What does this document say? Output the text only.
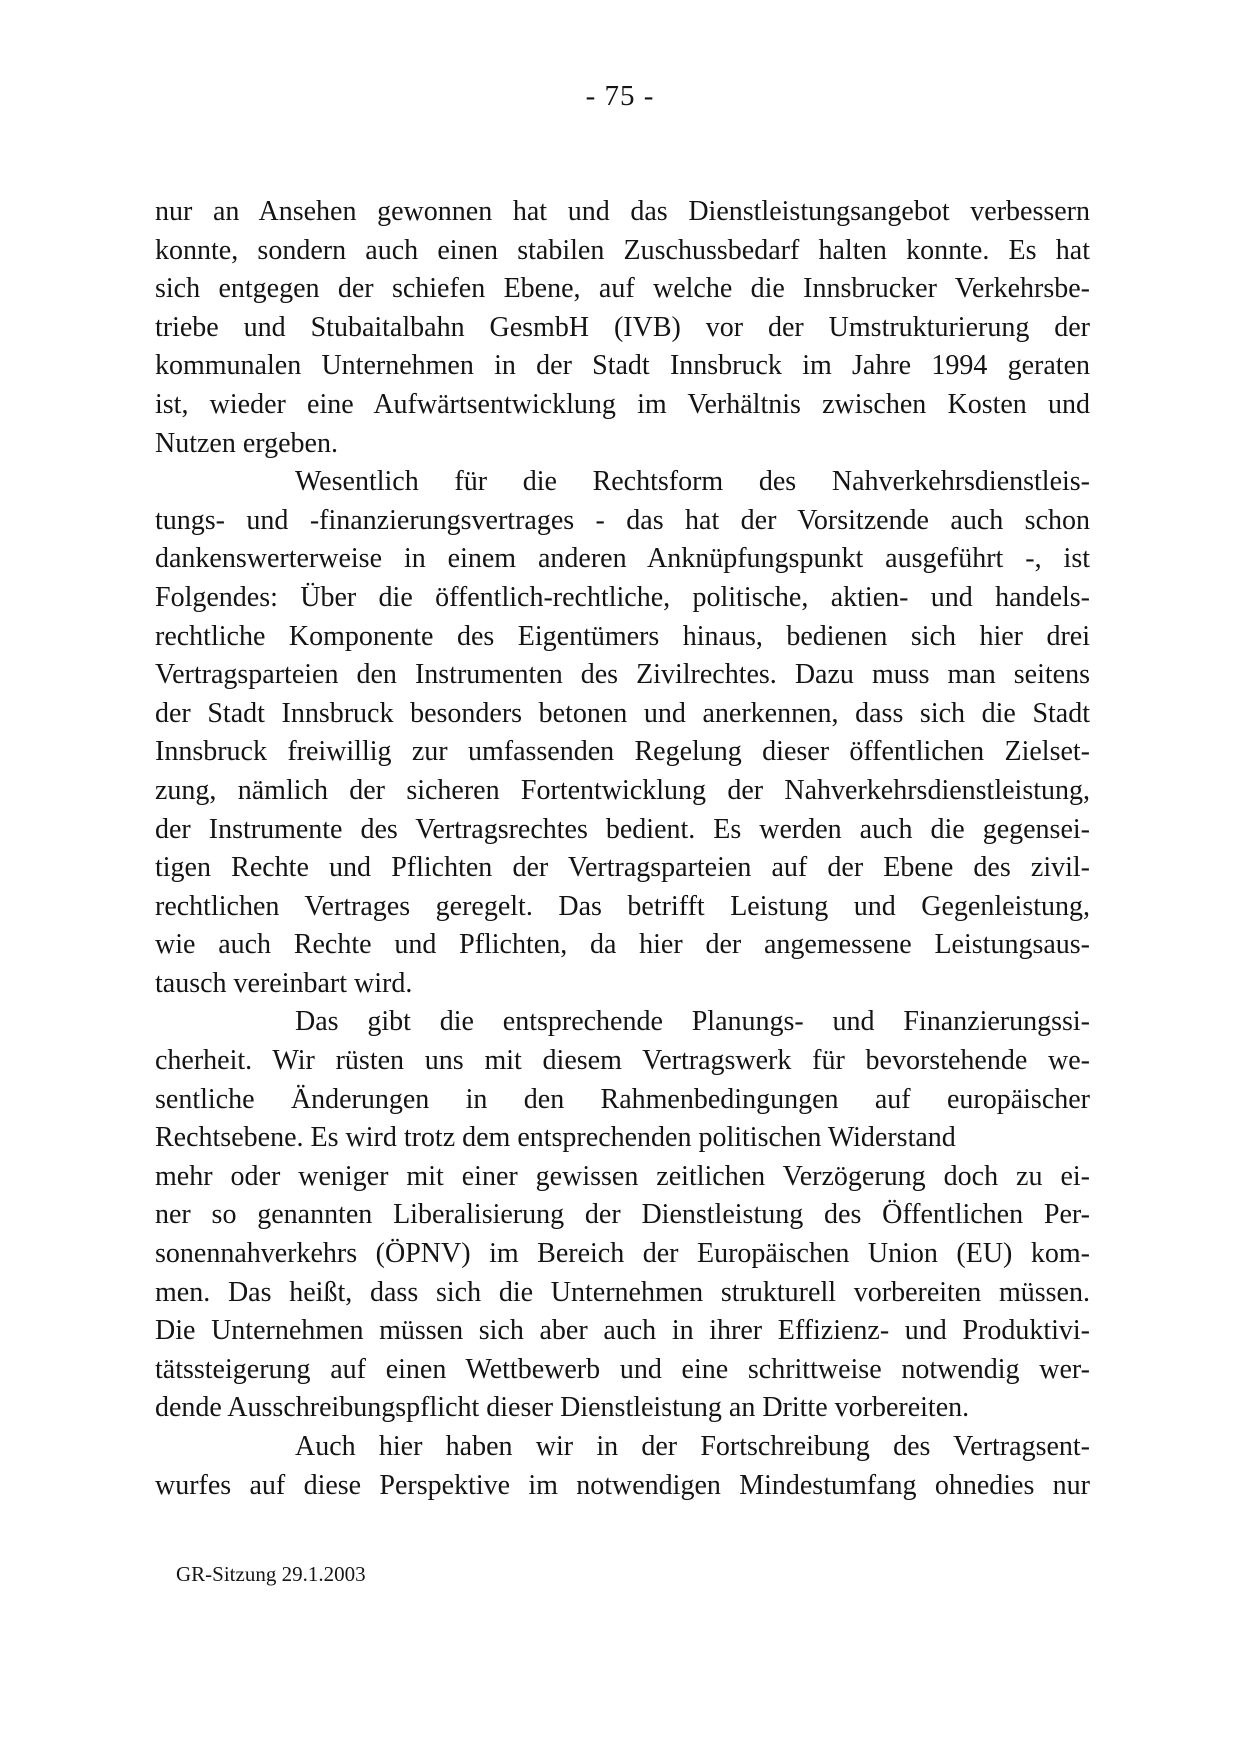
- 75 -
nur an Ansehen gewonnen hat und das Dienstleistungsangebot verbessern
konnte, sondern auch einen stabilen Zuschussbedarf halten konnte. Es hat
sich entgegen der schiefen Ebene, auf welche die Innsbrucker Verkehrsbe-
triebe und Stubaitalbahn GesmbH (IVB) vor der Umstrukturierung der
kommunalen Unternehmen in der Stadt Innsbruck im Jahre 1994 geraten
ist, wieder eine Aufwärtsentwicklung im Verhältnis zwischen Kosten und
Nutzen ergeben.
Wesentlich für die Rechtsform des Nahverkehrsdienstleis-
tungs- und -finanzierungsvertrages - das hat der Vorsitzende auch schon
dankenswerterweise in einem anderen Anknüpfungspunkt ausgeführt -, ist
Folgendes: Über die öffentlich-rechtliche, politische, aktien- und handels-
rechtliche Komponente des Eigentümers hinaus, bedienen sich hier drei
Vertragsparteien den Instrumenten des Zivilrechtes. Dazu muss man seitens
der Stadt Innsbruck besonders betonen und anerkennen, dass sich die Stadt
Innsbruck freiwillig zur umfassenden Regelung dieser öffentlichen Zielset-
zung, nämlich der sicheren Fortentwicklung der Nahverkehrsdienstleistung,
der Instrumente des Vertragsrechtes bedient. Es werden auch die gegensei-
tigen Rechte und Pflichten der Vertragsparteien auf der Ebene des zivil-
rechtlichen Vertrages geregelt. Das betrifft Leistung und Gegenleistung,
wie auch Rechte und Pflichten, da hier der angemessene Leistungsaus-
tausch vereinbart wird.
Das gibt die entsprechende Planungs- und Finanzierungssi-
cherheit. Wir rüsten uns mit diesem Vertragswerk für bevorstehende we-
sentliche Änderungen in den Rahmenbedingungen auf europäischer
Rechtsebene. Es wird trotz dem entsprechenden politischen Widerstand
mehr oder weniger mit einer gewissen zeitlichen Verzögerung doch zu ei-
ner so genannten Liberalisierung der Dienstleistung des Öffentlichen Per-
sonennahverkehrs (ÖPNV) im Bereich der Europäischen Union (EU) kom-
men. Das heißt, dass sich die Unternehmen strukturell vorbereiten müssen.
Die Unternehmen müssen sich aber auch in ihrer Effizienz- und Produktivi-
tätssteigerung auf einen Wettbewerb und eine schrittweise notwendig wer-
dende Ausschreibungspflicht dieser Dienstleistung an Dritte vorbereiten.
Auch hier haben wir in der Fortschreibung des Vertragsent-
wurfes auf diese Perspektive im notwendigen Mindestumfang ohnedies nur
GR-Sitzung 29.1.2003
